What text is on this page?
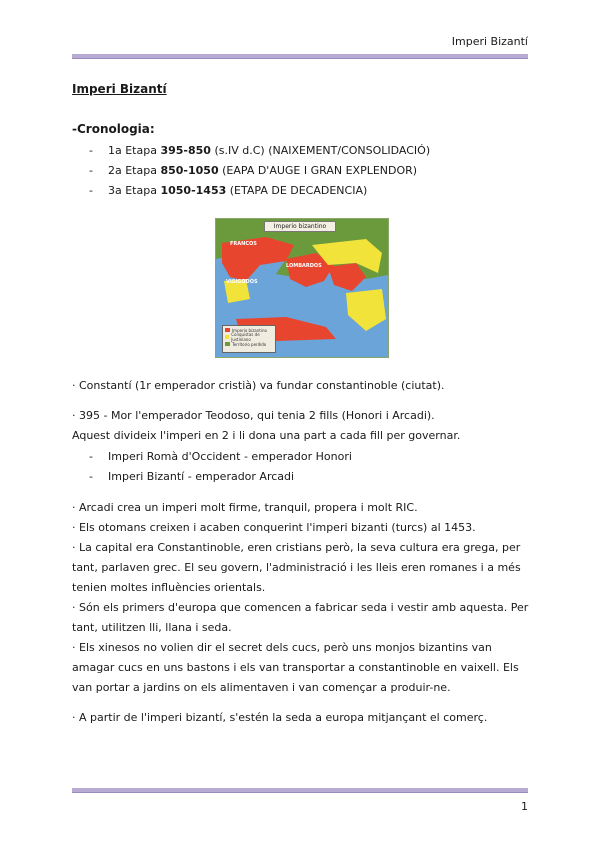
Imperi Bizantí
Imperi Bizantí
-Cronologia:
- 1a Etapa 395-850 (s.IV d.C) (NAIXEMENT/CONSOLIDACIÓ)
- 2a Etapa 850-1050 (EAPA D'AUGE I GRAN EXPLENDOR)
- 3a Etapa 1050-1453 (ETAPA DE DECADENCIA)
Imperio bizantino
FRANCOS
LOMBARDOS
VISIGODOS
Imperio bizantino
Conquistas de Justiniano
Territorio perdido
· Constantí (1r emperador cristià) va fundar constantinoble (ciutat).
· 395 - Mor l'emperador Teodoso, qui tenia 2 fills (Honori i Arcadi).
Aquest divideix l'imperi en 2 i li dona una part a cada fill per governar.
- Imperi Romà d'Occident - emperador Honori
- Imperi Bizantí - emperador Arcadi
· Arcadi crea un imperi molt firme, tranquil, propera i molt RIC.
· Els otomans creixen i acaben conquerint l'imperi bizanti (turcs) al 1453.
· La capital era Constantinoble, eren cristians però, la seva cultura era grega, per tant, parlaven grec. El seu govern, l'administració i les lleis eren romanes i a més tenien moltes influències orientals.
· Són els primers d'europa que comencen a fabricar seda i vestir amb aquesta. Per tant, utilitzen lli, llana i seda.
· Els xinesos no volien dir el secret dels cucs, però uns monjos bizantins van amagar cucs en uns bastons i els van transportar a constantinoble en vaixell. Els van portar a jardins on els alimentaven i van començar a produir-ne.
· A partir de l'imperi bizantí, s'estén la seda a europa mitjançant el comerç.
1
